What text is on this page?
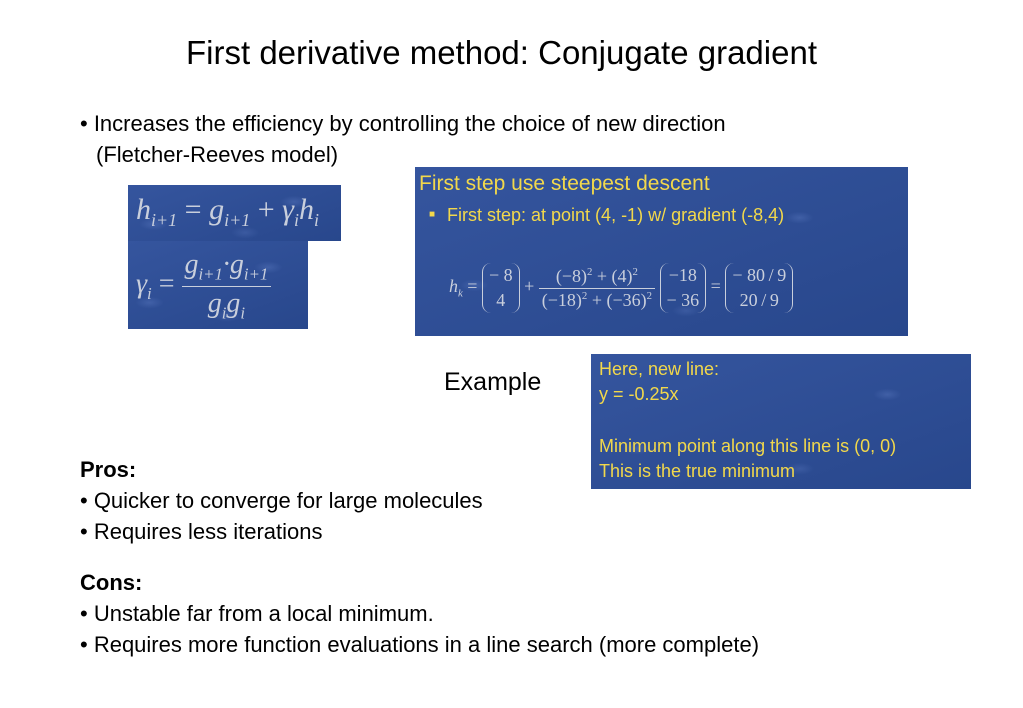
First derivative method: Conjugate gradient
• Increases the efficiency by controlling the choice of new direction
(Fletcher-Reeves model)
$h_{i+1} = g_{i+1} + \gamma_ih_i$
$\gamma_i = \frac{g_{i+1}\cdot g_{i+1}}{g_ig_i}$
First step use steepest descent
■ First step: at point (4, -1) w/ gradient (-8,4)
$h_k$ = − 8
$4 + \frac{(-8)^2 + (4)^2}{(-18)^2 + (-36)^2} -18$
− 36 = − 80 / 9
20 / 9
Example	Here, new line:
y = -0.25x
Minimum point along this line is (0, 0)
This is the true minimum
Pros:
• Quicker to converge for large molecules
• Requires less iterations
Cons:
• Unstable far from a local minimum.
• Requires more function evaluations in a line search (more complete)
